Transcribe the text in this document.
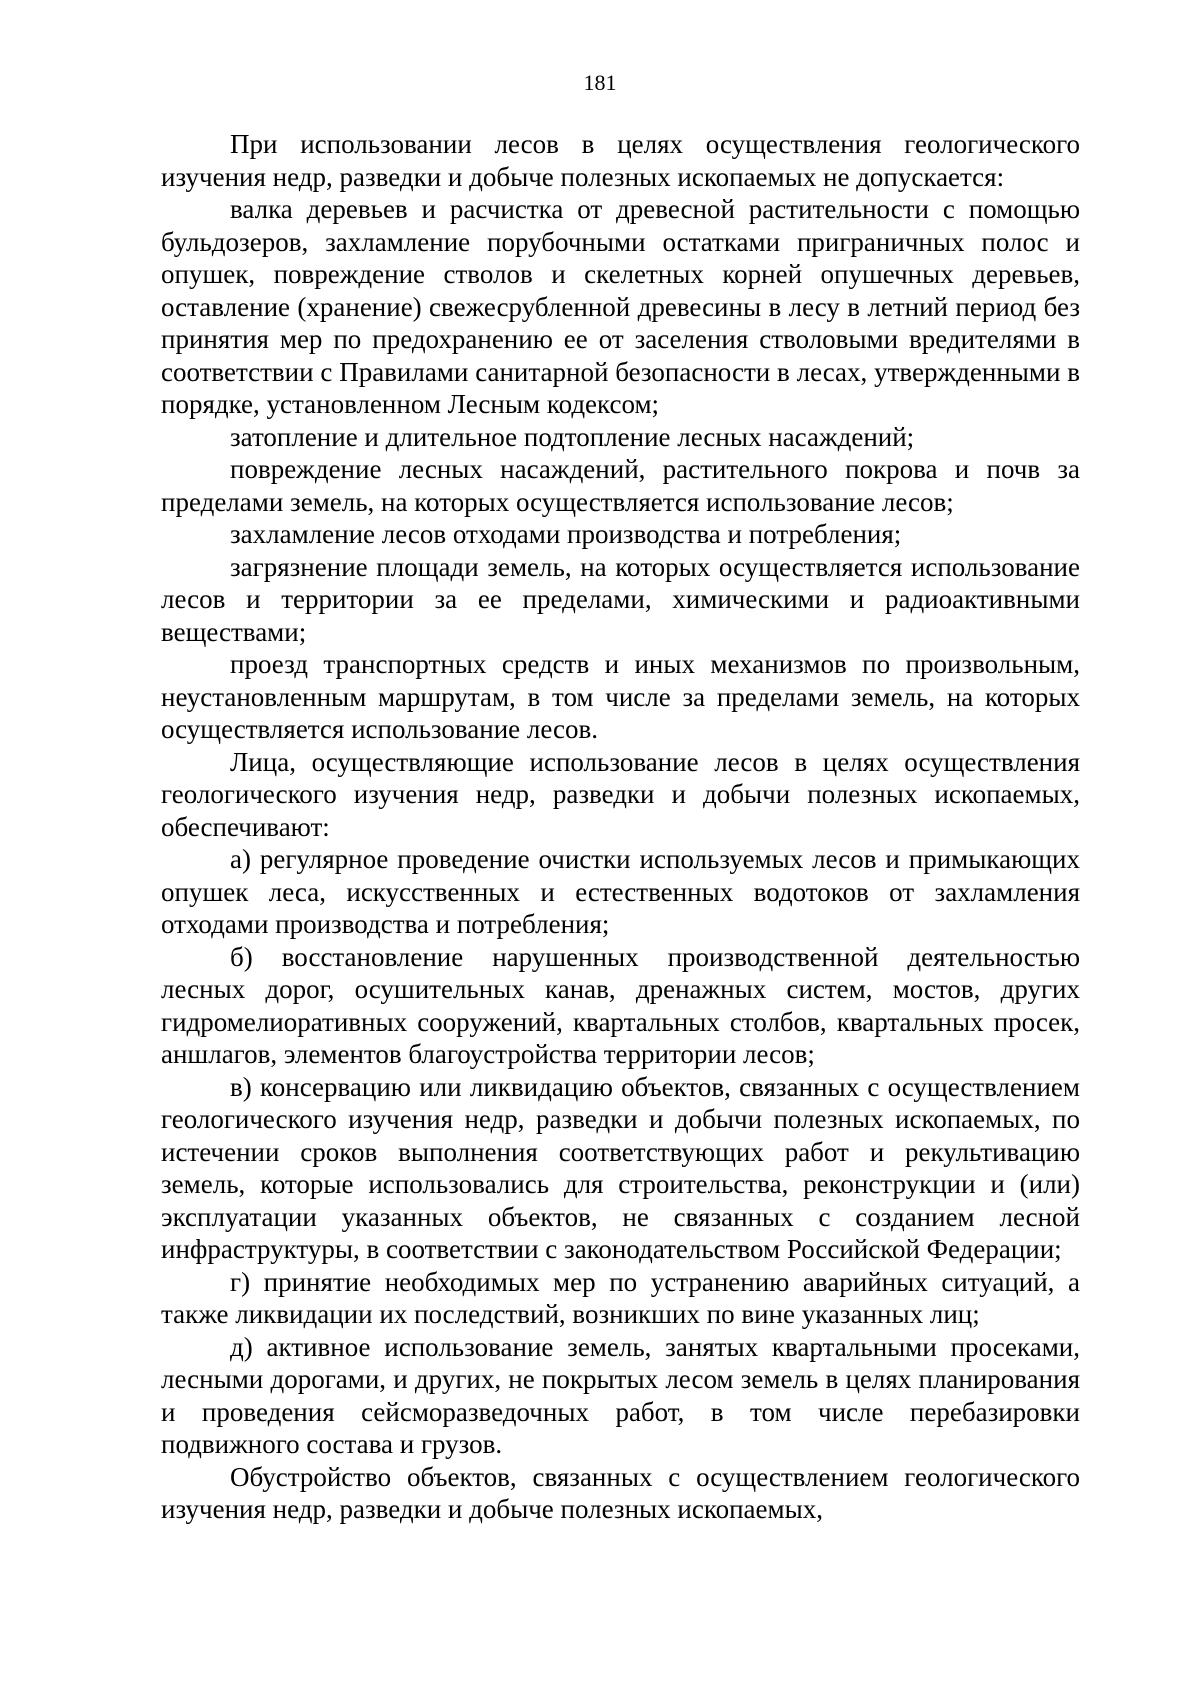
181

При использовании лесов в целях осуществления геологического изучения недр, разведки и добыче полезных ископаемых не допускается:

валка деревьев и расчистка от древесной растительности с помощью бульдозеров, захламление порубочными остатками приграничных полос и опушек, повреждение стволов и скелетных корней опушечных деревьев, оставление (хранение) свежесрубленной древесины в лесу в летний период без принятия мер по предохранению ее от заселения стволовыми вредителями в соответствии с Правилами санитарной безопасности в лесах, утвержденными в порядке, установленном Лесным кодексом;

затопление и длительное подтопление лесных насаждений;

повреждение лесных насаждений, растительного покрова и почв за пределами земель, на которых осуществляется использование лесов;

захламление лесов отходами производства и потребления;

загрязнение площади земель, на которых осуществляется использование лесов и территории за ее пределами, химическими и радиоактивными веществами;

проезд транспортных средств и иных механизмов по произвольным, неустановленным маршрутам, в том числе за пределами земель, на которых осуществляется использование лесов.

Лица, осуществляющие использование лесов в целях осуществления геологического изучения недр, разведки и добычи полезных ископаемых, обеспечивают:

а) регулярное проведение очистки используемых лесов и примыкающих опушек леса, искусственных и естественных водотоков от захламления отходами производства и потребления;

б) восстановление нарушенных производственной деятельностью лесных дорог, осушительных канав, дренажных систем, мостов, других гидромелиоративных сооружений, квартальных столбов, квартальных просек, аншлагов, элементов благоустройства территории лесов;

в) консервацию или ликвидацию объектов, связанных с осуществлением геологического изучения недр, разведки и добычи полезных ископаемых, по истечении сроков выполнения соответствующих работ и рекультивацию земель, которые использовались для строительства, реконструкции и (или) эксплуатации указанных объектов, не связанных с созданием лесной инфраструктуры, в соответствии с законодательством Российской Федерации;

г) принятие необходимых мер по устранению аварийных ситуаций, а также ликвидации их последствий, возникших по вине указанных лиц;

д) активное использование земель, занятых квартальными просеками, лесными дорогами, и других, не покрытых лесом земель в целях планирования и проведения сейсморазведочных работ, в том числе перебазировки подвижного состава и грузов.

Обустройство объектов, связанных с осуществлением геологического изучения недр, разведки и добыче полезных ископаемых,
